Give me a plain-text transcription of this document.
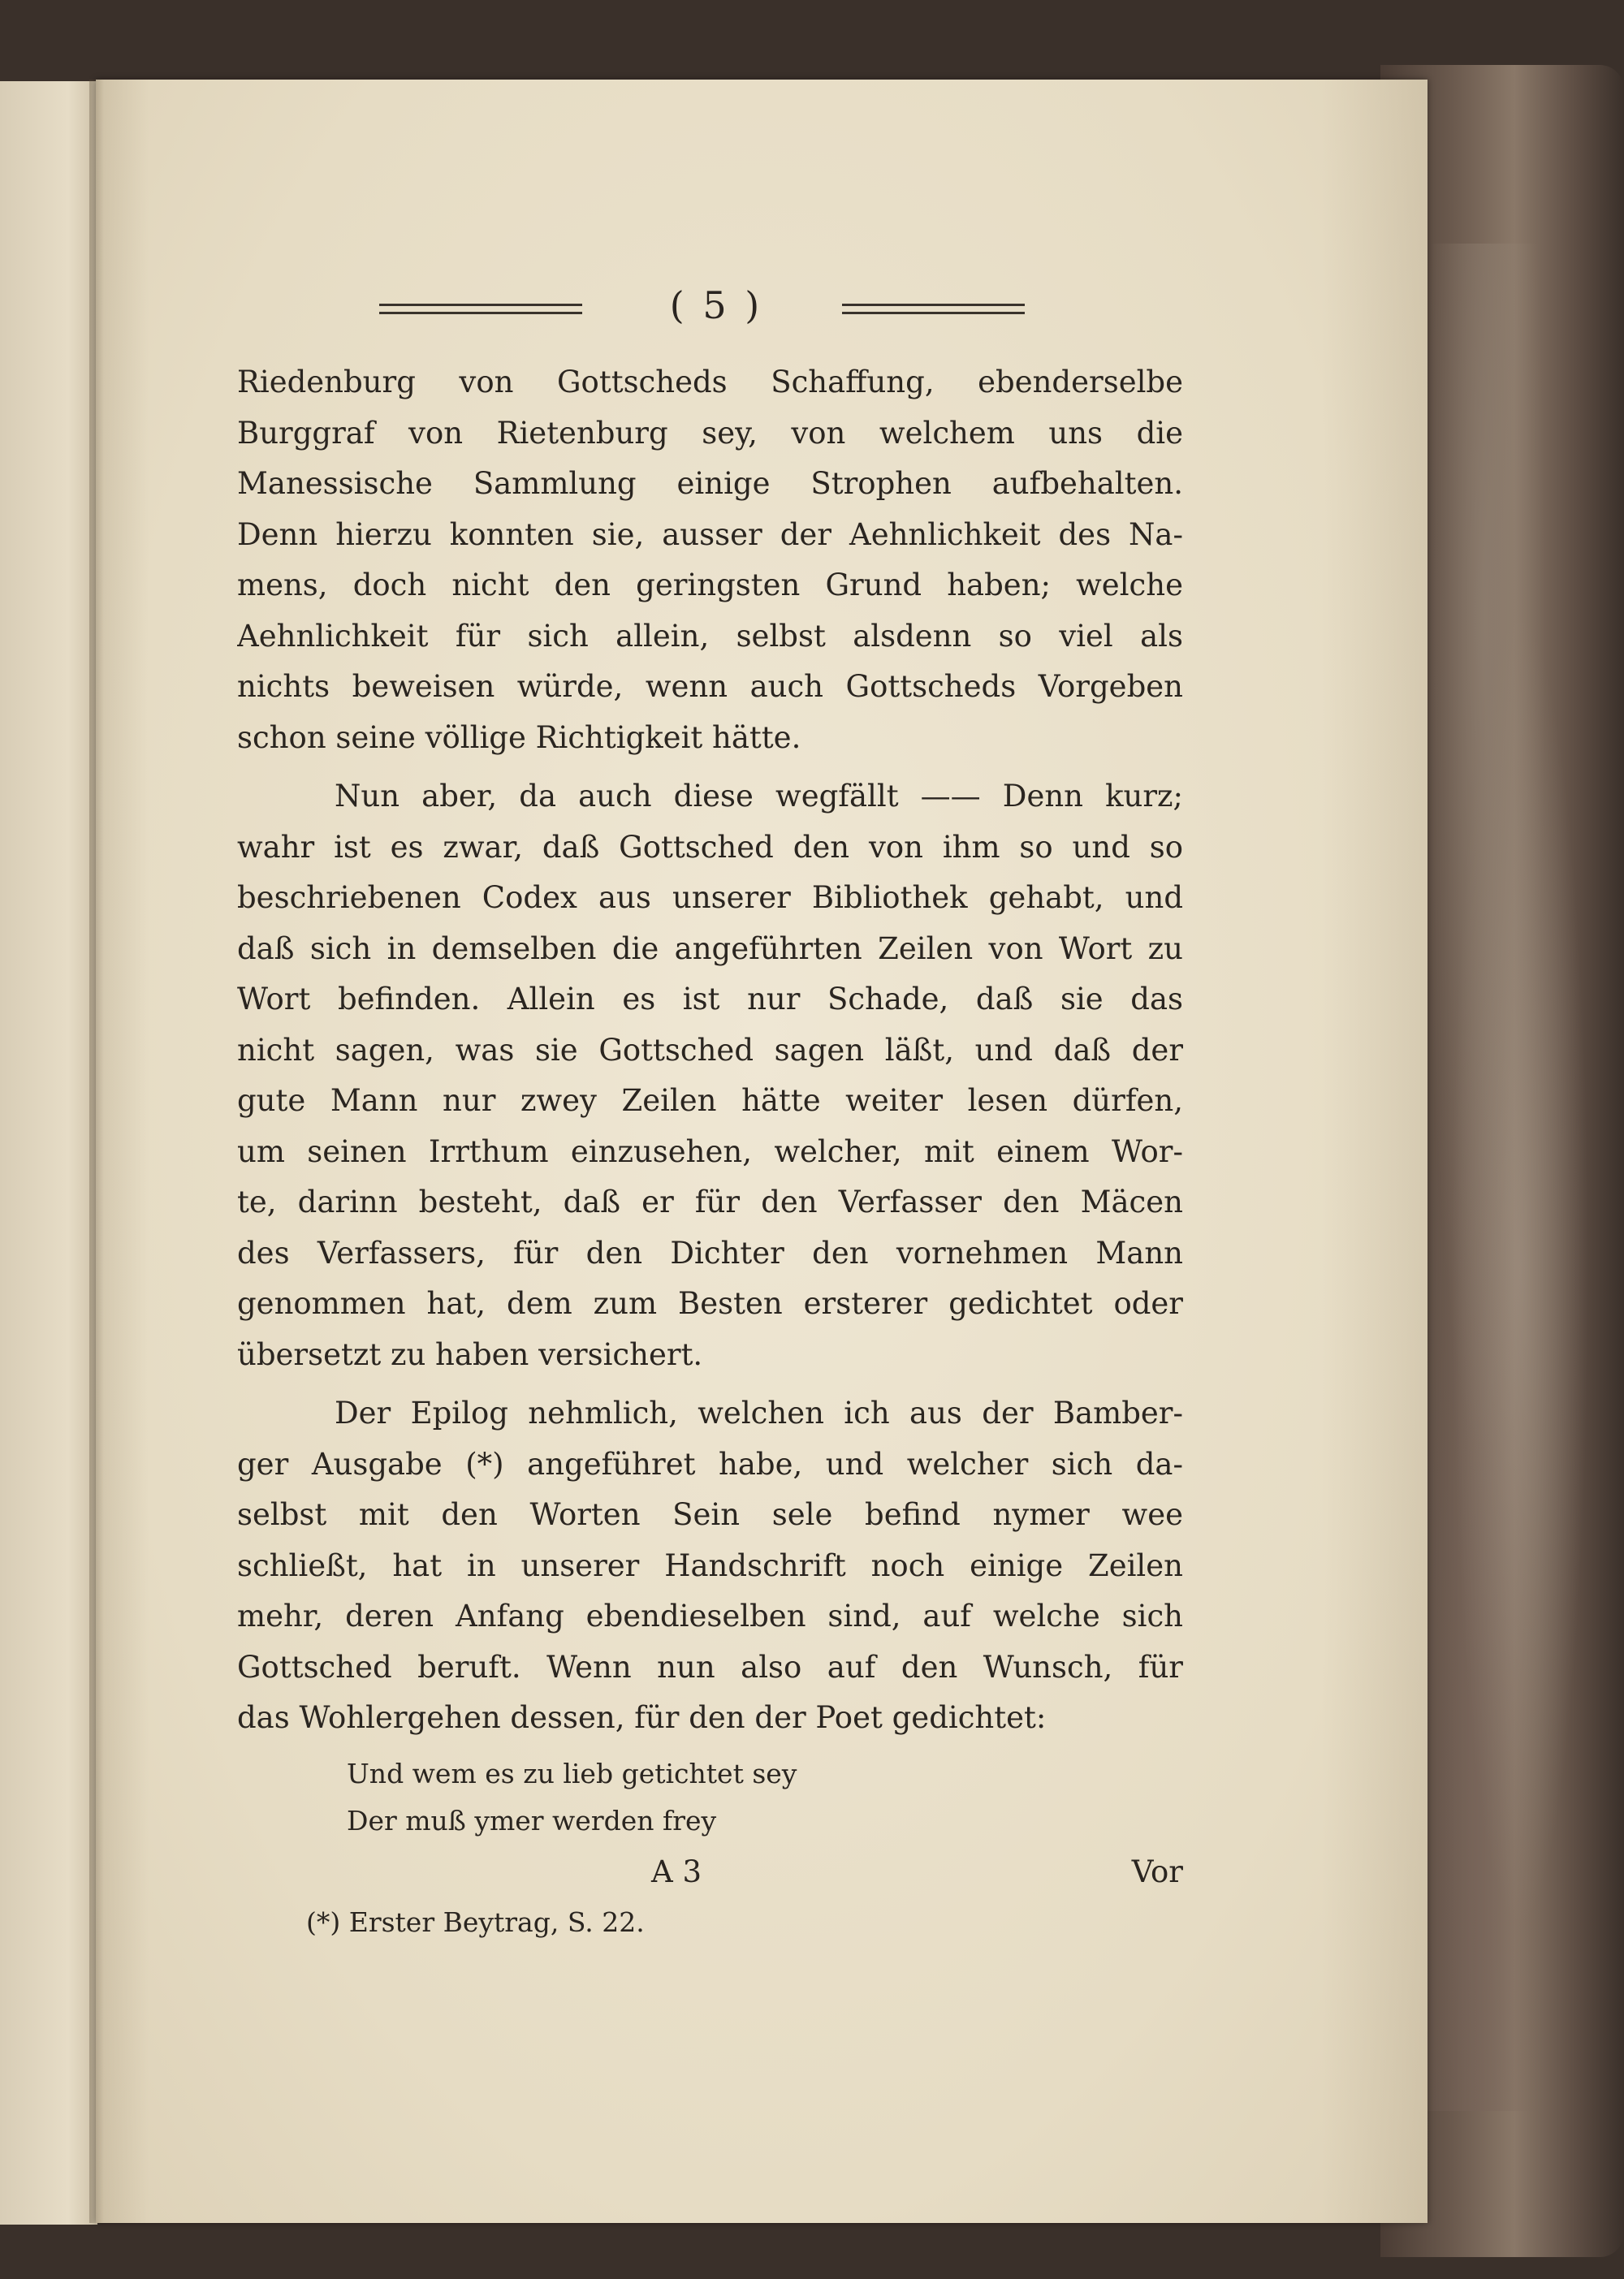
( 5 )

Riedenburg von Gottscheds Schaffung, ebenderselbe
Burggraf von Rietenburg sey, von welchem uns die
Manessische Sammlung einige Strophen aufbehalten.
Denn hierzu konnten sie, ausser der Aehnlichkeit des Na-
mens, doch nicht den geringsten Grund haben; welche
Aehnlichkeit für sich allein, selbst alsdenn so viel als
nichts beweisen würde, wenn auch Gottscheds Vorgeben
schon seine völlige Richtigkeit hätte.

Nun aber, da auch diese wegfällt —— Denn kurz;
wahr ist es zwar, daß Gottsched den von ihm so und so
beschriebenen Codex aus unserer Bibliothek gehabt, und
daß sich in demselben die angeführten Zeilen von Wort zu
Wort befinden. Allein es ist nur Schade, daß sie das
nicht sagen, was sie Gottsched sagen läßt, und daß der
gute Mann nur zwey Zeilen hätte weiter lesen dürfen,
um seinen Irrthum einzusehen, welcher, mit einem Wor-
te, darinn besteht, daß er für den Verfasser den Mäcen
des Verfassers, für den Dichter den vornehmen Mann
genommen hat, dem zum Besten ersterer gedichtet oder
übersetzt zu haben versichert.

Der Epilog nehmlich, welchen ich aus der Bamber-
ger Ausgabe (*) angeführet habe, und welcher sich da-
selbst mit den Worten Sein sele befind nymer wee
schließt, hat in unserer Handschrift noch einige Zeilen
mehr, deren Anfang ebendieselben sind, auf welche sich
Gottsched beruft. Wenn nun also auf den Wunsch, für
das Wohlergehen dessen, für den der Poet gedichtet:

Und wem es zu lieb getichtet sey
Der muß ymer werden frey
A 3	Vor
(*) Erster Beytrag, S. 22.
